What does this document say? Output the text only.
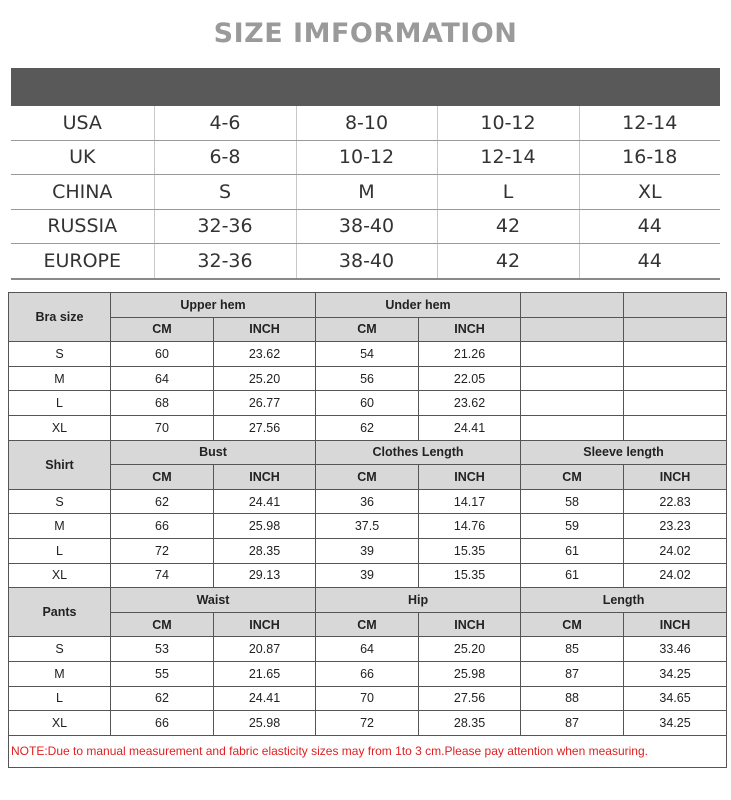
SIZE IMFORMATION
USA	4-6	8-10	10-12	12-14
UK	6-8	10-12	12-14	16-18
CHINA	S	M	L	XL
RUSSIA	32-36	38-40	42	44
EUROPE	32-36	38-40	42	44
Bra size	Upper hem		Under hem			
	CM	INCH	CM	INCH		
S	60	23.62	54	21.26		
M	64	25.20	56	22.05		
L	68	26.77	60	23.62		
XL	70	27.56	62	24.41		
Shirt	Bust		Clothes Length		Sleeve length	
	CM	INCH	CM	INCH	CM	INCH
S	62	24.41	36	14.17	58	22.83
M	66	25.98	37.5	14.76	59	23.23
L	72	28.35	39	15.35	61	24.02
XL	74	29.13	39	15.35	61	24.02
Pants	Waist		Hip		Length	
	CM	INCH	CM	INCH	CM	INCH
S	53	20.87	64	25.20	85	33.46
M	55	21.65	66	25.98	87	34.25
L	62	24.41	70	27.56	88	34.65
XL	66	25.98	72	28.35	87	34.25
NOTE:Due to manual measurement and fabric elasticity sizes may from 1to 3 cm.Please pay attention when measuring.						
